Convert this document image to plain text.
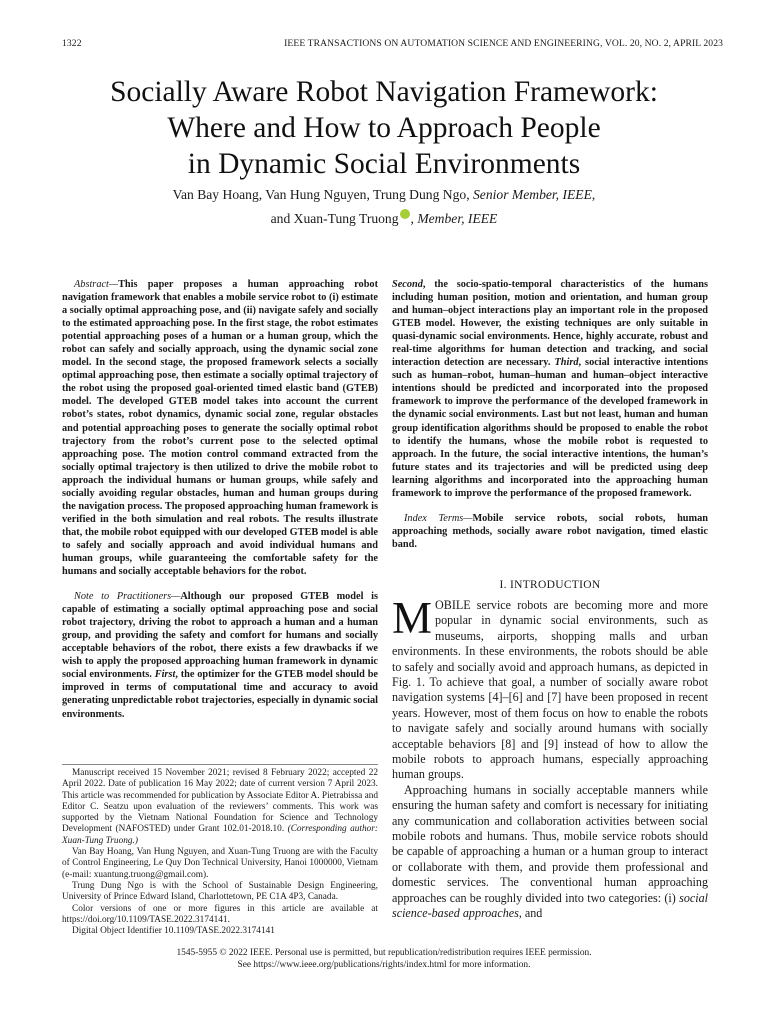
1322	IEEE TRANSACTIONS ON AUTOMATION SCIENCE AND ENGINEERING, VOL. 20, NO. 2, APRIL 2023
Socially Aware Robot Navigation Framework:
Where and How to Approach People
in Dynamic Social Environments
Van Bay Hoang, Van Hung Nguyen, Trung Dung Ngo, Senior Member, IEEE,
and Xuan-Tung Truong , Member, IEEE

Abstract—This paper proposes a human approaching robot navigation framework that enables a mobile service robot to (i) estimate a socially optimal approaching pose, and (ii) navigate safely and socially to the estimated approaching pose. In the first stage, the robot estimates potential approaching poses of a human or a human group, which the robot can safely and socially approach, using the dynamic social zone model. In the second stage, the proposed framework selects a socially optimal approaching pose, then estimate a socially optimal trajectory of the robot using the proposed goal-oriented timed elastic band (GTEB) model. The developed GTEB model takes into account the current robot’s states, robot dynamics, dynamic social zone, regular obstacles and potential approaching poses to generate the socially optimal robot trajectory from the robot’s current pose to the selected optimal approaching pose. The motion control command extracted from the socially optimal trajectory is then utilized to drive the mobile robot to approach the individual humans or human groups, while safely and socially avoiding regular obstacles, human and human groups during the navigation process. The proposed approaching human framework is verified in the both simulation and real robots. The results illustrate that, the mobile robot equipped with our developed GTEB model is able to safely and socially approach and avoid individual humans and human groups, while guaranteeing the comfortable safety for the humans and socially acceptable behaviors for the robot.

Note to Practitioners—Although our proposed GTEB model is capable of estimating a socially optimal approaching pose and social robot trajectory, driving the robot to approach a human and a human group, and providing the safety and comfort for humans and socially acceptable behaviors of the robot, there exists a few drawbacks if we wish to apply the proposed approaching human framework in dynamic social environments. First, the optimizer for the GTEB model should be improved in terms of computational time and accuracy to avoid generating unpredictable robot trajectories, especially in dynamic social environments.

Second, the socio-spatio-temporal characteristics of the humans including human position, motion and orientation, and human group and human–object interactions play an important role in the proposed GTEB model. However, the existing techniques are only suitable in quasi-dynamic social environments. Hence, highly accurate, robust and real-time algorithms for human detection and tracking, and social interaction detection are necessary. Third, social interactive intentions such as human–robot, human–human and human–object interactive intentions should be predicted and incorporated into the proposed framework to improve the performance of the developed framework in the dynamic social environments. Last but not least, human and human group identification algorithms should be proposed to enable the robot to identify the humans, whose the mobile robot is requested to approach. In the future, the social interactive intentions, the human’s future states and its trajectories and will be predicted using deep learning algorithms and incorporated into the approaching human framework to improve the performance of the proposed framework.

Index Terms—Mobile service robots, social robots, human approaching methods, socially aware robot navigation, timed elastic band.

I. INTRODUCTION

MOBILE service robots are becoming more and more popular in dynamic social environments, such as museums, airports, shopping malls and urban environments. In these environments, the robots should be able to safely and socially avoid and approach humans, as depicted in Fig. 1. To achieve that goal, a number of socially aware robot navigation systems [4]–[6] and [7] have been proposed in recent years. However, most of them focus on how to enable the robots to navigate safely and socially around humans with socially acceptable behaviors [8] and [9] instead of how to allow the mobile robots to approach humans, especially approaching human groups.

Approaching humans in socially acceptable manners while ensuring the human safety and comfort is necessary for initiating any communication and collaboration activities between social mobile robots and humans. Thus, mobile service robots should be capable of approaching a human or a human group to interact or collaborate with them, and provide them professional and domestic services. The conventional human approaching approaches can be roughly divided into two categories: (i) social science-based approaches, and

Manuscript received 15 November 2021; revised 8 February 2022; accepted 22 April 2022. Date of publication 16 May 2022; date of current version 7 April 2023. This article was recommended for publication by Associate Editor A. Pietrabissa and Editor C. Seatzu upon evaluation of the reviewers’ comments. This work was supported by the Vietnam National Foundation for Science and Technology Development (NAFOSTED) under Grant 102.01-2018.10. (Corresponding author: Xuan-Tung Truong.)

Van Bay Hoang, Van Hung Nguyen, and Xuan-Tung Truong are with the Faculty of Control Engineering, Le Quy Don Technical University, Hanoi 1000000, Vietnam (e-mail: xuantung.truong@gmail.com).

Trung Dung Ngo is with the School of Sustainable Design Engineering, University of Prince Edward Island, Charlottetown, PE C1A 4P3, Canada.

Color versions of one or more figures in this article are available at https://doi.org/10.1109/TASE.2022.3174141.

Digital Object Identifier 10.1109/TASE.2022.3174141

1545-5955 © 2022 IEEE. Personal use is permitted, but republication/redistribution requires IEEE permission.
See https://www.ieee.org/publications/rights/index.html for more information.
